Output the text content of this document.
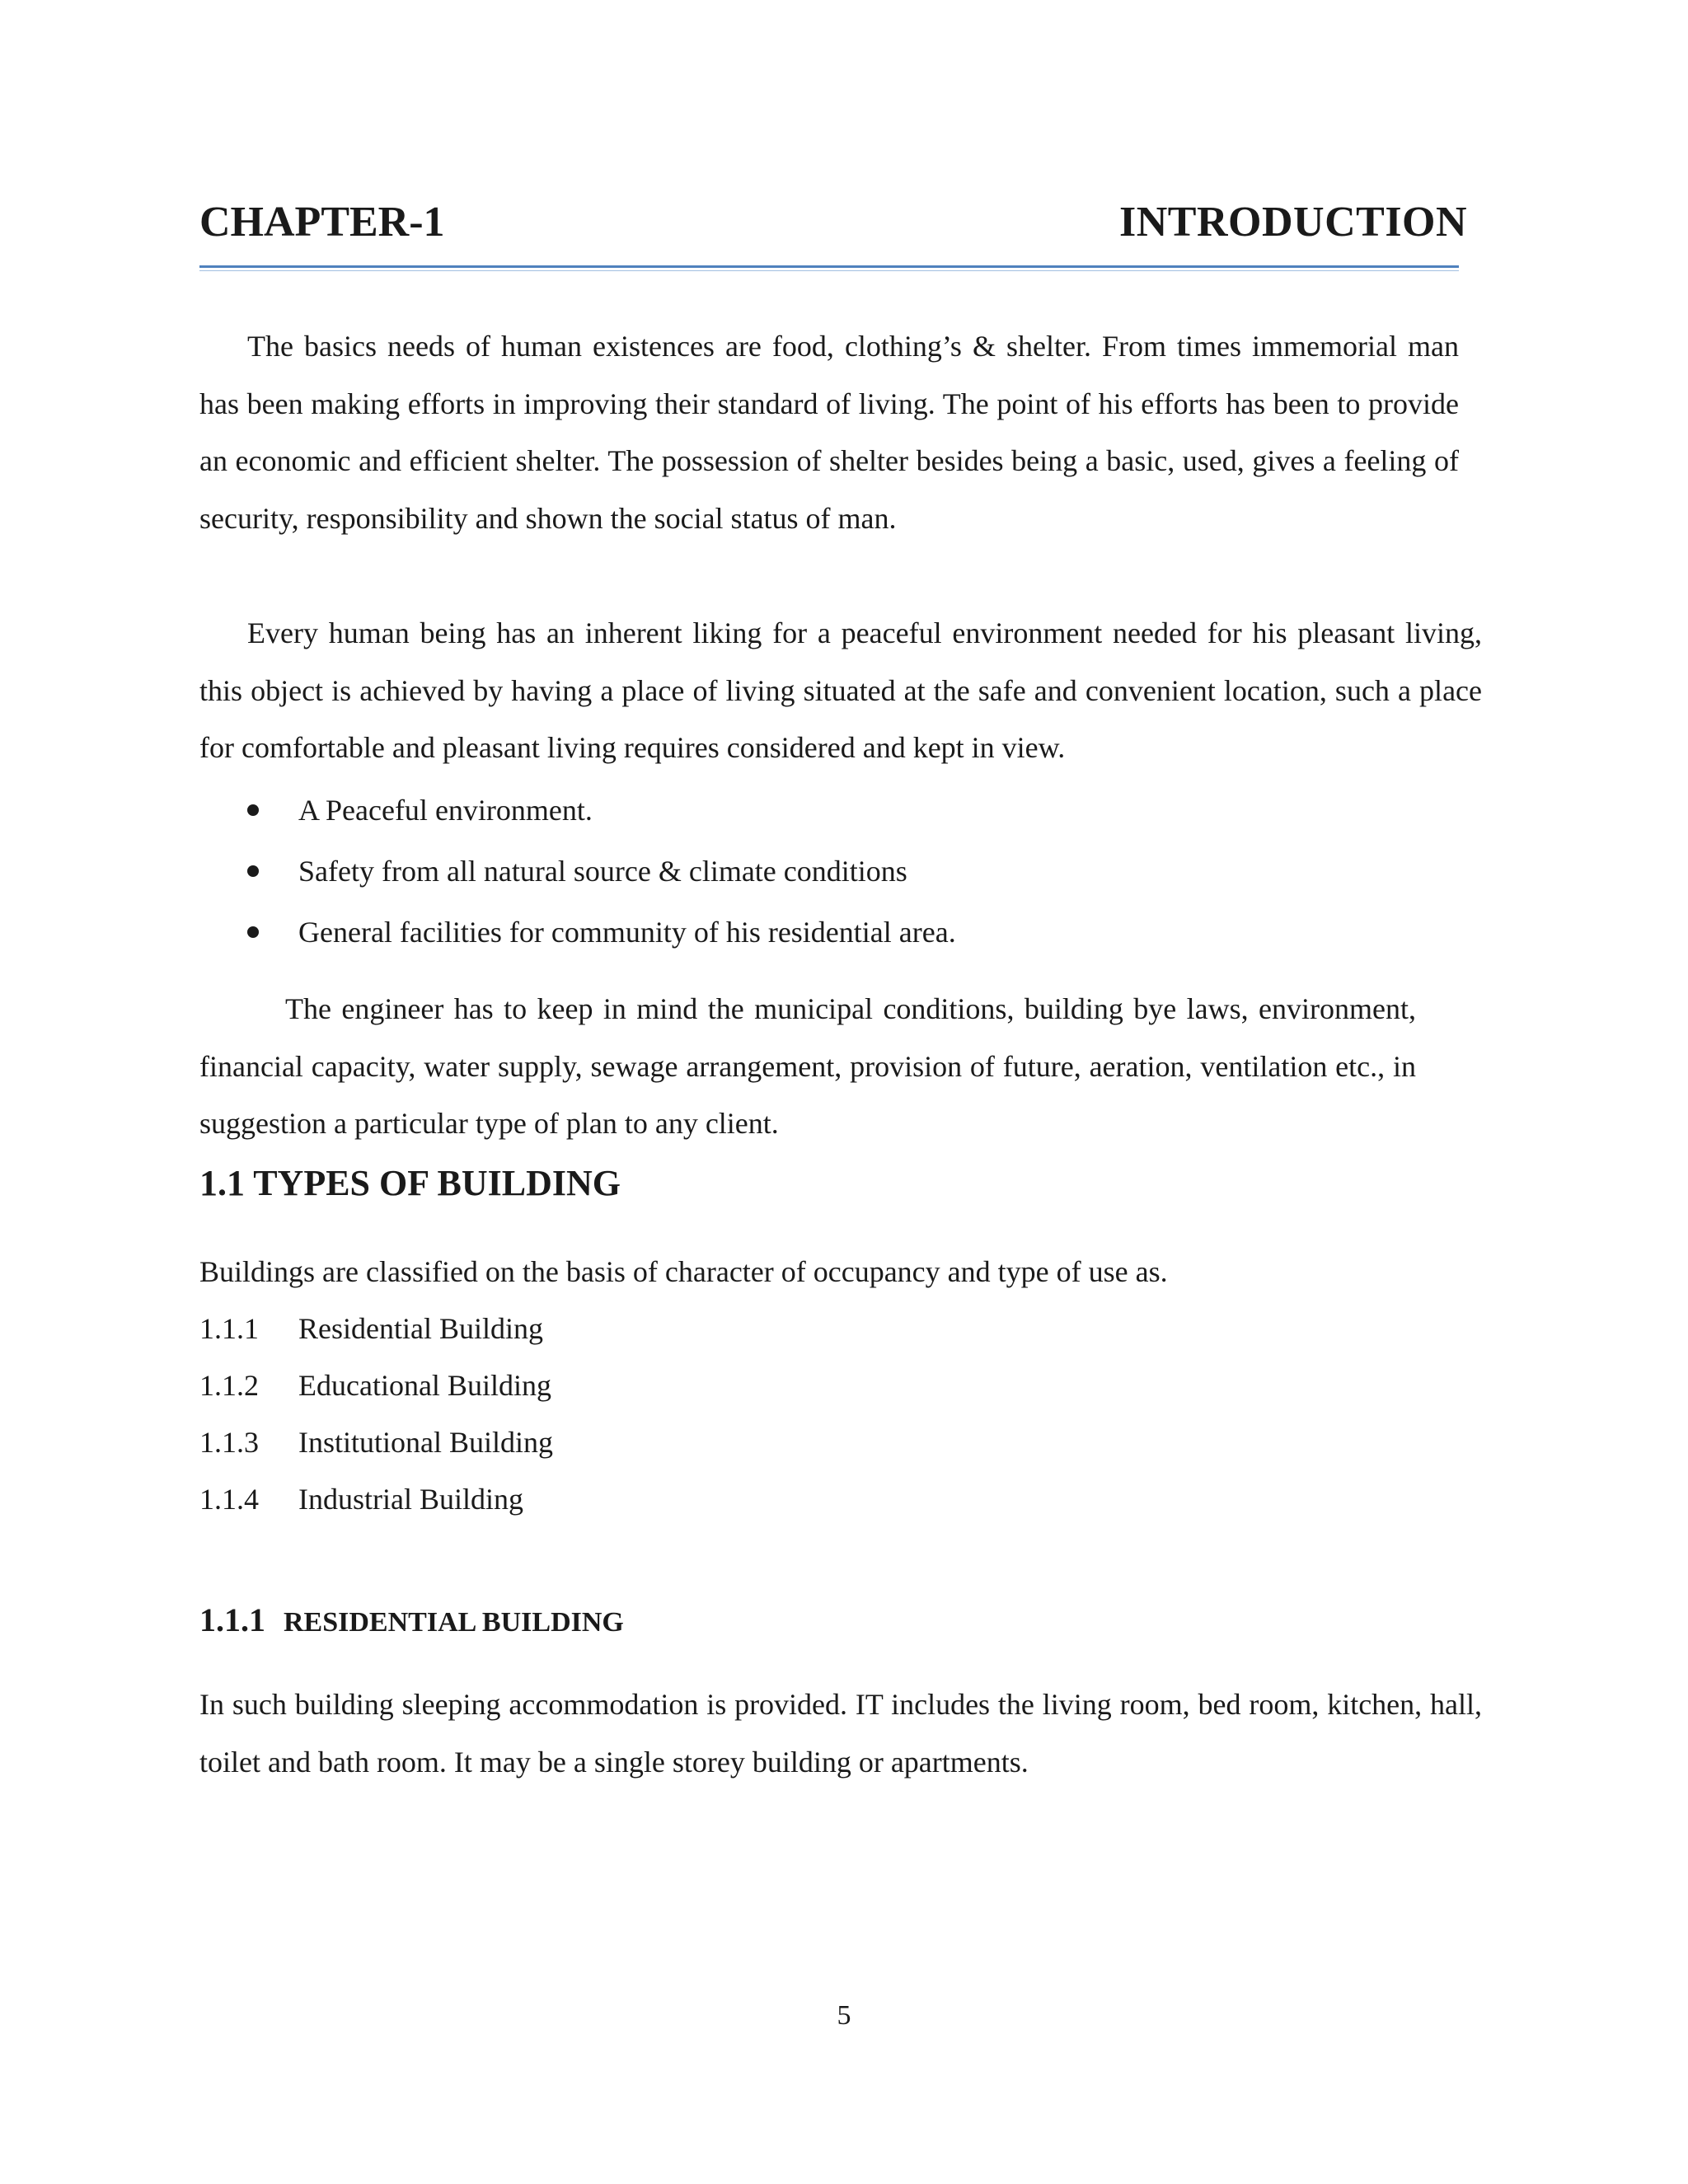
CHAPTER-1	INTRODUCTION

The basics needs of human existences are food, clothing’s & shelter. From times immemorial man has been making efforts in improving their standard of living. The point of his efforts has been to provide an economic and efficient shelter. The possession of shelter besides being a basic, used, gives a feeling of security, responsibility and shown the social status of man.

Every human being has an inherent liking for a peaceful environment needed for his pleasant living, this object is achieved by having a place of living situated at the safe and convenient location, such a place for comfortable and pleasant living requires considered and kept in view.

A Peaceful environment.
Safety from all natural source & climate conditions
General facilities for community of his residential area.

The engineer has to keep in mind the municipal conditions, building bye laws, environment, financial capacity, water supply, sewage arrangement, provision of future, aeration, ventilation etc., in suggestion a particular type of plan to any client.

1.1 TYPES OF BUILDING

Buildings are classified on the basis of character of occupancy and type of use as.

1.1.1 Residential Building
1.1.2 Educational Building
1.1.3 Institutional Building
1.1.4 Industrial Building
1.1.1 RESIDENTIAL BUILDING

In such building sleeping accommodation is provided. IT includes the living room, bed room, kitchen, hall, toilet and bath room. It may be a single storey building or apartments.

5
